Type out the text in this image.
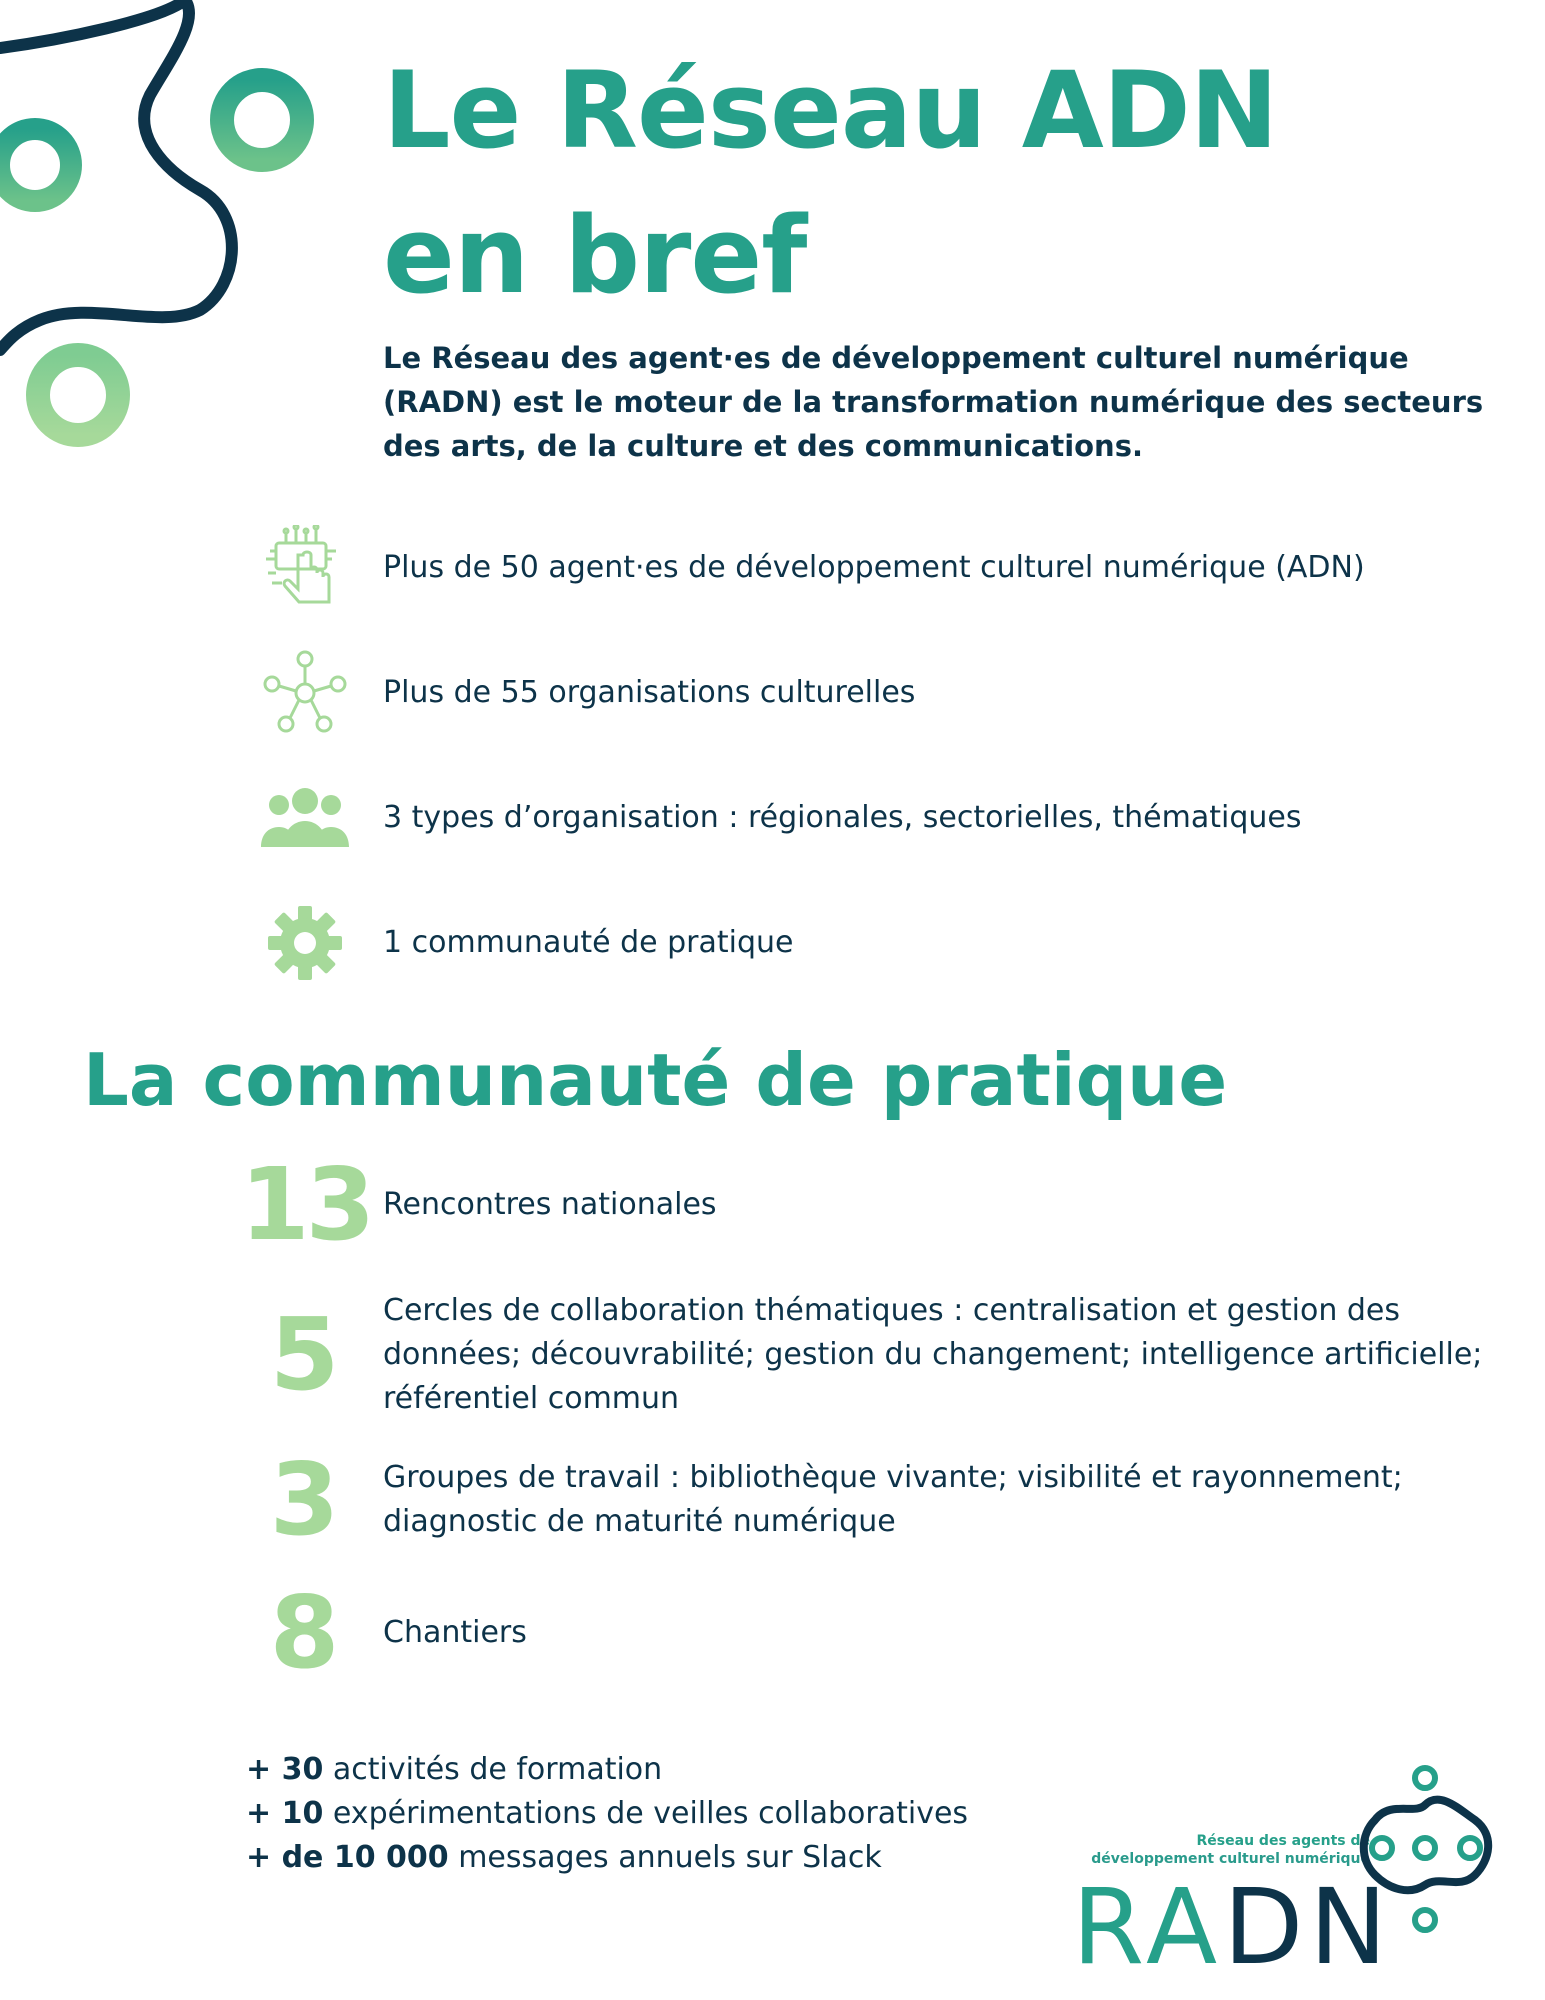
Le Réseau ADN
en bref

Le Réseau des agent·es de développement culturel numérique (RADN) est le moteur de la transformation numérique des secteurs des arts, de la culture et des communications.

Plus de 50 agent·es de développement culturel numérique (ADN)
Plus de 55 organisations culturelles
3 types d’organisation : régionales, sectorielles, thématiques
1 communauté de pratique
La communauté de pratique
13 Rencontres nationales
5	Cercles de collaboration thématiques : centralisation et gestion des données; découvrabilité; gestion du changement; intelligence artificielle; référentiel commun
3	Groupes de travail : bibliothèque vivante; visibilité et rayonnement; diagnostic de maturité numérique
8	Chantiers
+ 30 activités de formation
+ 10 expérimentations de veilles collaboratives
+ de 10 000 messages annuels sur Slack	Réseau des agents de
développement culturel numérique
RADN
